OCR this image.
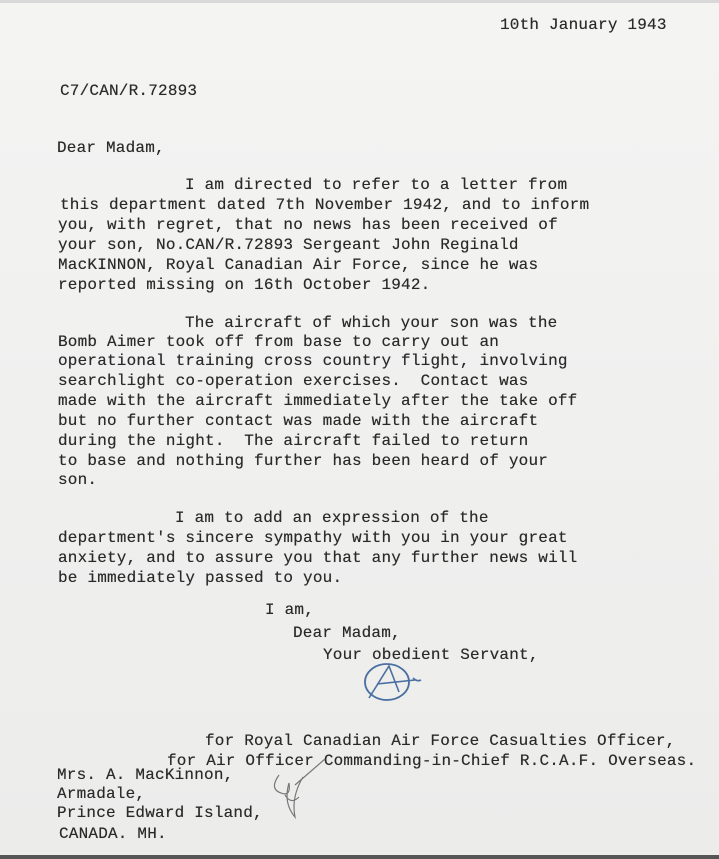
10th January 1943
C7/CAN/R.72893
Dear Madam,
I am directed to refer to a letter from
this department dated 7th November 1942, and to inform
you, with regret, that no news has been received of
your son, No.CAN/R.72893 Sergeant John Reginald
MacKINNON, Royal Canadian Air Force, since he was
reported missing on 16th October 1942.
The aircraft of which your son was the
Bomb Aimer took off from base to carry out an
operational training cross country flight, involving
searchlight co-operation exercises.  Contact was
made with the aircraft immediately after the take off
but no further contact was made with the aircraft
during the night.  The aircraft failed to return
to base and nothing further has been heard of your
son.
I am to add an expression of the
department's sincere sympathy with you in your great
anxiety, and to assure you that any further news will
be immediately passed to you.
I am,
Dear Madam,
Your obedient Servant,
for Royal Canadian Air Force Casualties Officer,
for Air Officer Commanding-in-Chief R.C.A.F. Overseas.
Mrs. A. MacKinnon,
Armadale,
Prince Edward Island,
CANADA. MH.
